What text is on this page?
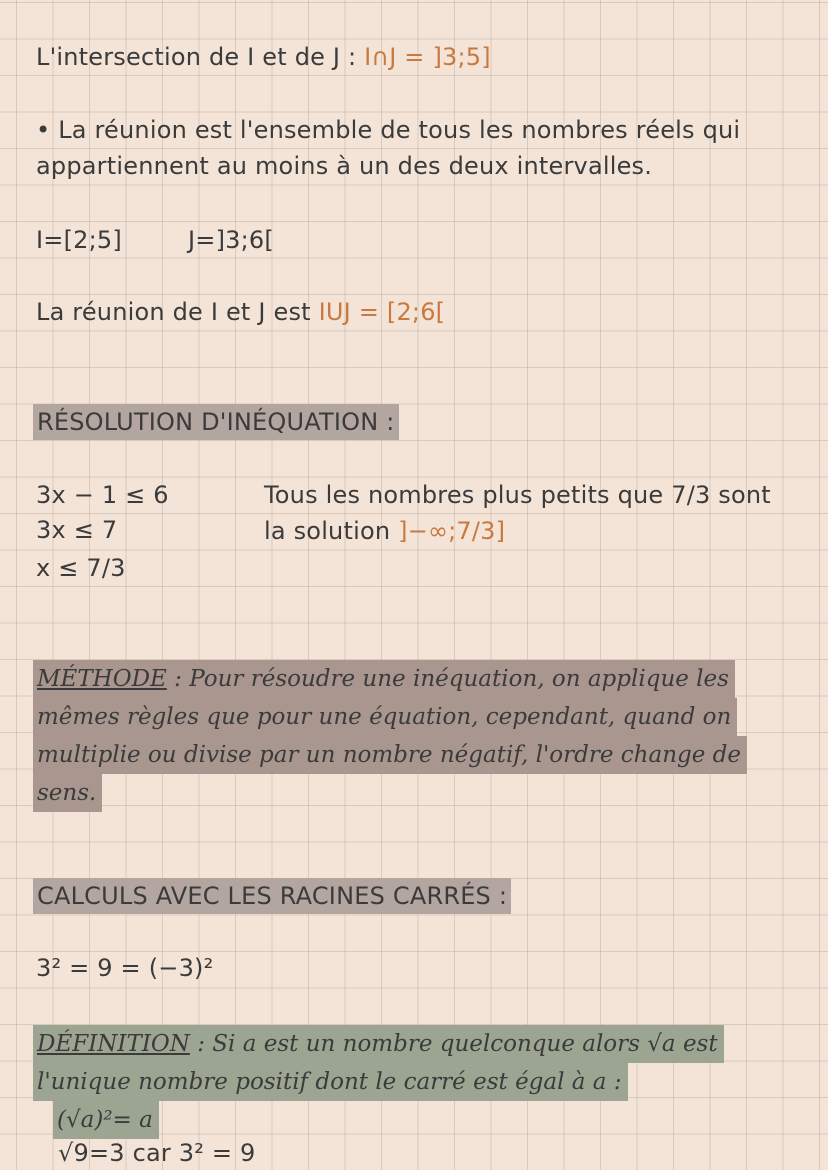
L'intersection de I et de J : I∩J = ]3;5]
• La réunion est l'ensemble de tous les nombres réels qui
appartiennent au moins à un des deux intervalles.
I=[2;5]	J=]3;6[
La réunion de I et J est IUJ = [2;6[
RÉSOLUTION D'INÉQUATION :
3x − 1 ≤ 6
3x ≤ 7
x ≤ 7/3
Tous les nombres plus petits que 7/3 sont
la solution ]−∞;7/3]
MÉTHODE : Pour résoudre une inéquation, on applique les
mêmes règles que pour une équation, cependant, quand on
multiplie ou divise par un nombre négatif, l'ordre change de
sens.
CALCULS AVEC LES RACINES CARRÉS :
3² = 9 = (−3)²
DÉFINITION : Si a est un nombre quelconque alors √a est
l'unique nombre positif dont le carré est égal à a :
(√a)²= a
√9=3 car 3² = 9
